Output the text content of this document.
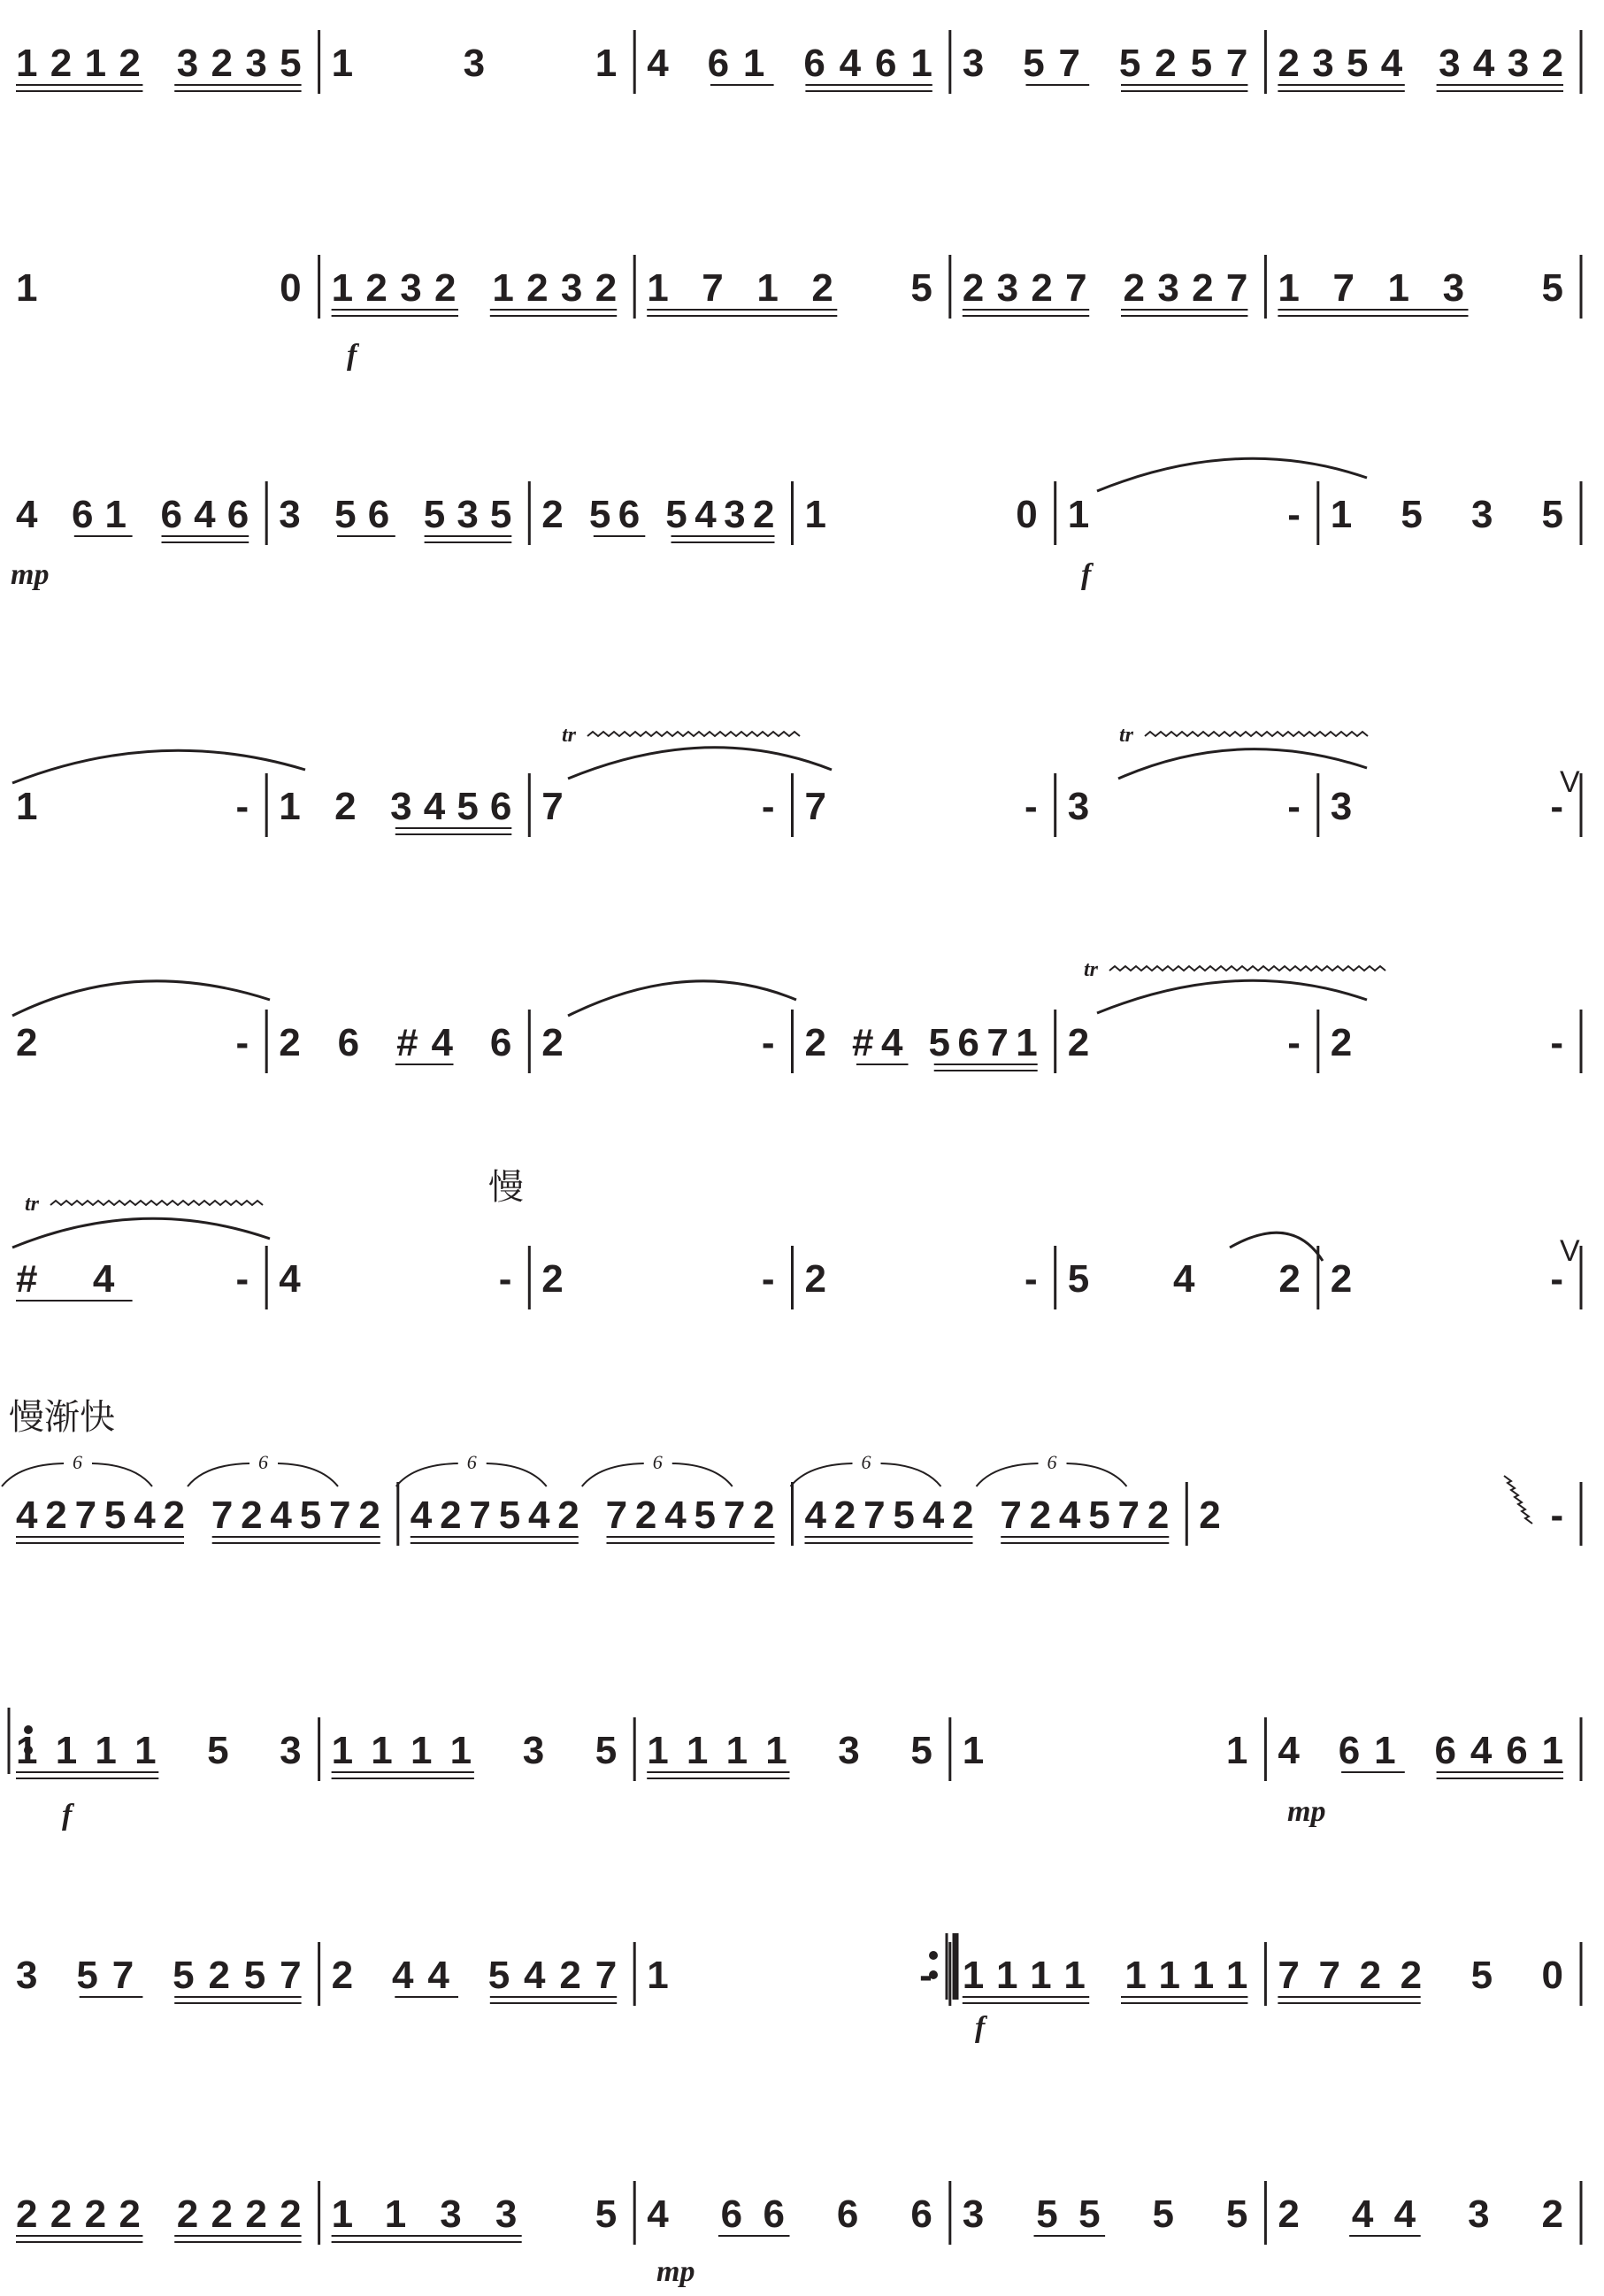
f
mp	f
f	mp
f
mp
慢
慢渐快
tr	tr
tr
tr
V
V
1212 3235 1 3 1 4 61 6461 3 57 5257 2354 3432
1 0 1232 1232 1712 5 2327 2327 1713 5
4 61 646 3 56 535 2 56 5432 1 0 1 - 1 5 3 5
1 - 1 2 3456 7 - 7 - 3 - 3 -
2 - 2 6 #4 6 2 - 2 #4 5671 2 - 2 -
#4 - 4 - 2 - 2 - 5 4 2 2 -
427542 724572 427542 724572 427542 724572 2 -
1111 5 3 1111 3 5 1111 3 5 1 1 4 61 6461
3 57 5257 2 44 5427 1 - 1111 1111 7722 5 0
2222 2222 1133 5 4 66 6 6 3 55 5 5 2 44 3 2
6	6	6	6	6	6
